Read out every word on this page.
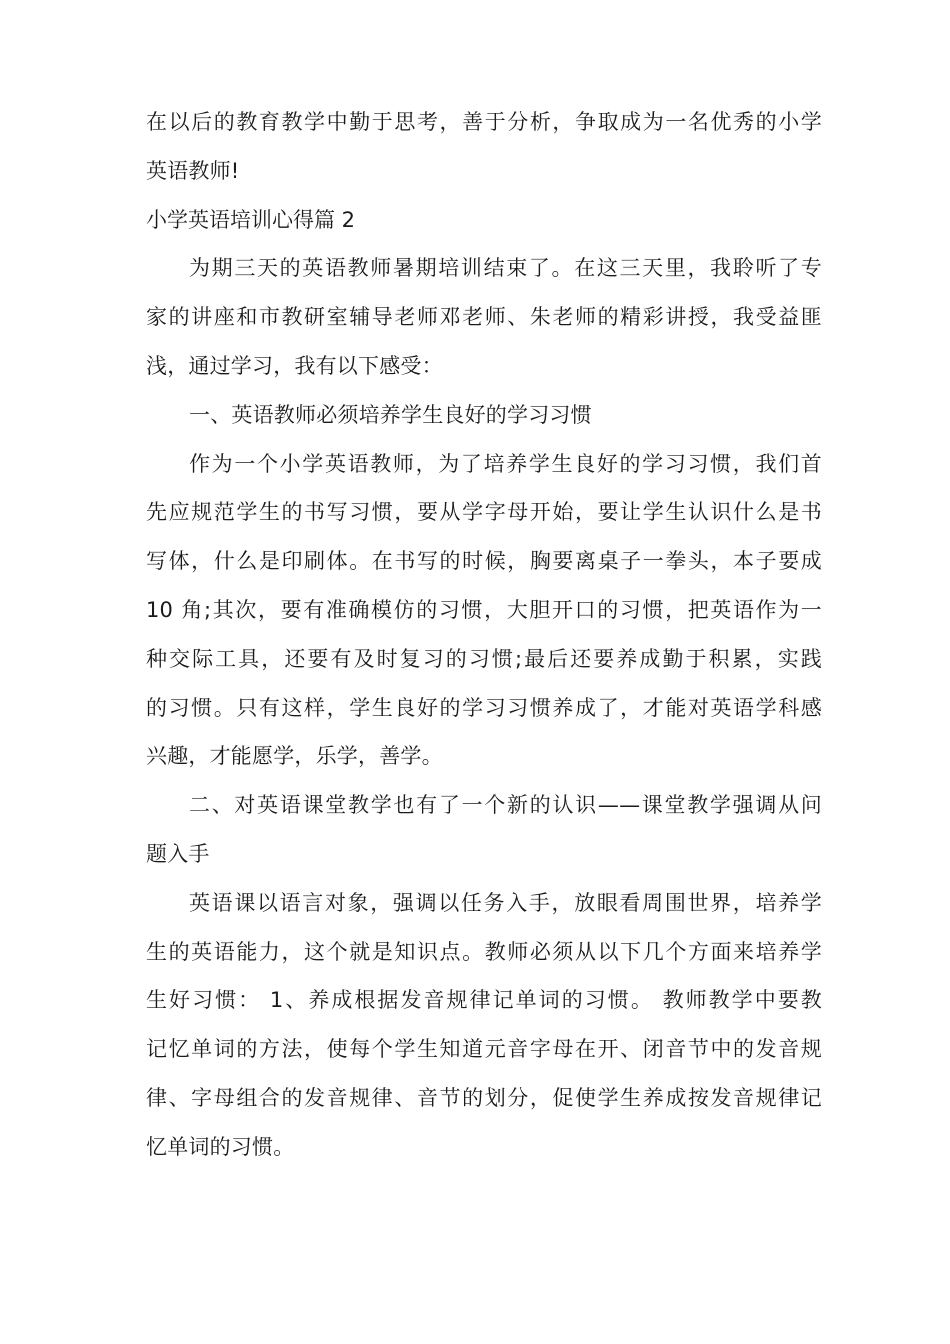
在以后的教育教学中勤于思考，善于分析，争取成为一名优秀的小学
英语教师!
小学英语培训心得篇 2
为期三天的英语教师暑期培训结束了。在这三天里，我聆听了专
家的讲座和市教研室辅导老师邓老师、朱老师的精彩讲授，我受益匪
浅，通过学习，我有以下感受：
一、英语教师必须培养学生良好的学习习惯
作为一个小学英语教师，为了培养学生良好的学习习惯，我们首
先应规范学生的书写习惯，要从学字母开始，要让学生认识什么是书
写体，什么是印刷体。在书写的时候，胸要离桌子一拳头，本子要成
10 角;其次，要有准确模仿的习惯，大胆开口的习惯，把英语作为一
种交际工具，还要有及时复习的习惯;最后还要养成勤于积累，实践
的习惯。只有这样，学生良好的学习习惯养成了，才能对英语学科感
兴趣，才能愿学，乐学，善学。
二、对英语课堂教学也有了一个新的认识——课堂教学强调从问
题入手
英语课以语言对象，强调以任务入手，放眼看周围世界，培养学
生的英语能力，这个就是知识点。教师必须从以下几个方面来培养学
生好习惯： 1、养成根据发音规律记单词的习惯。 教师教学中要教
记忆单词的方法，使每个学生知道元音字母在开、闭音节中的发音规
律、字母组合的发音规律、音节的划分，促使学生养成按发音规律记
忆单词的习惯。
